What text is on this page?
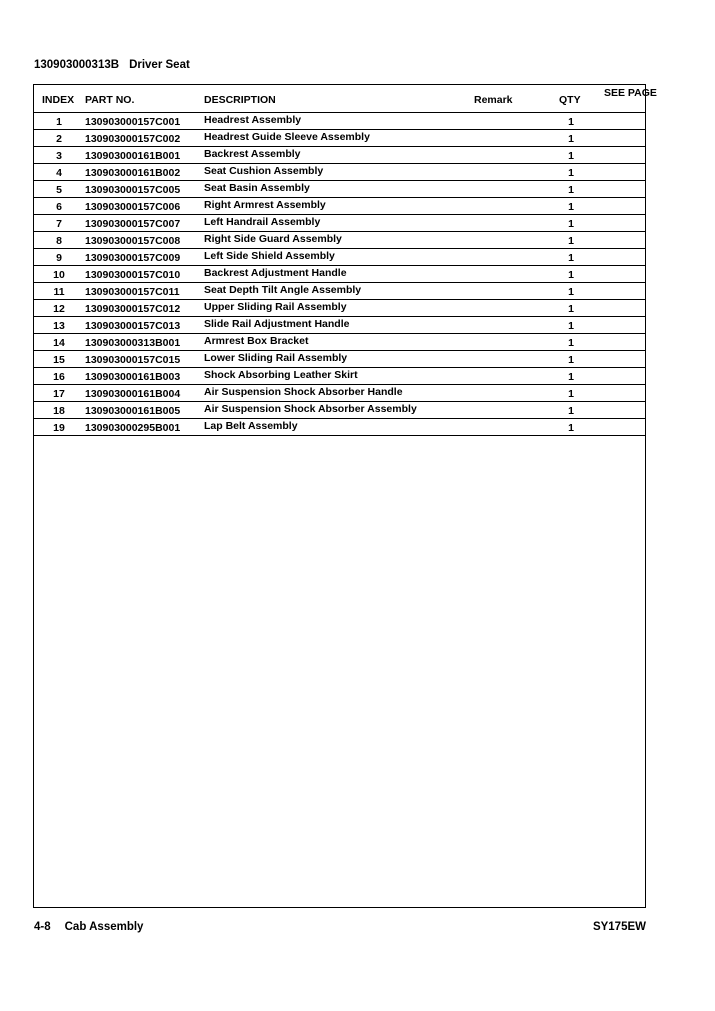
130903000313B Driver Seat
INDEX PART NO.	DESCRIPTION	Remark	QTY
SEE PAGE
1	130903000157C001 Headrest Assembly	1
2	130903000157C002 Headrest Guide Sleeve Assembly	1
3	130903000161B001 Backrest Assembly	1
4	130903000161B002 Seat Cushion Assembly	1
5	130903000157C005 Seat Basin Assembly	1
6	130903000157C006 Right Armrest Assembly	1
7	130903000157C007 Left Handrail Assembly	1
8	130903000157C008 Right Side Guard Assembly	1
9	130903000157C009 Left Side Shield Assembly	1
10	130903000157C010 Backrest Adjustment Handle	1
11	130903000157C011 Seat Depth Tilt Angle Assembly	1
12	130903000157C012 Upper Sliding Rail Assembly	1
13	130903000157C013 Slide Rail Adjustment Handle	1
14	130903000313B001 Armrest Box Bracket	1
15	130903000157C015 Lower Sliding Rail Assembly	1
16	130903000161B003 Shock Absorbing Leather Skirt	1
17	130903000161B004 Air Suspension Shock Absorber Handle	1
18	130903000161B005 Air Suspension Shock Absorber Assembly	1
19	130903000295B001 Lap Belt Assembly	1
4-8 Cab Assembly	SY175EW
